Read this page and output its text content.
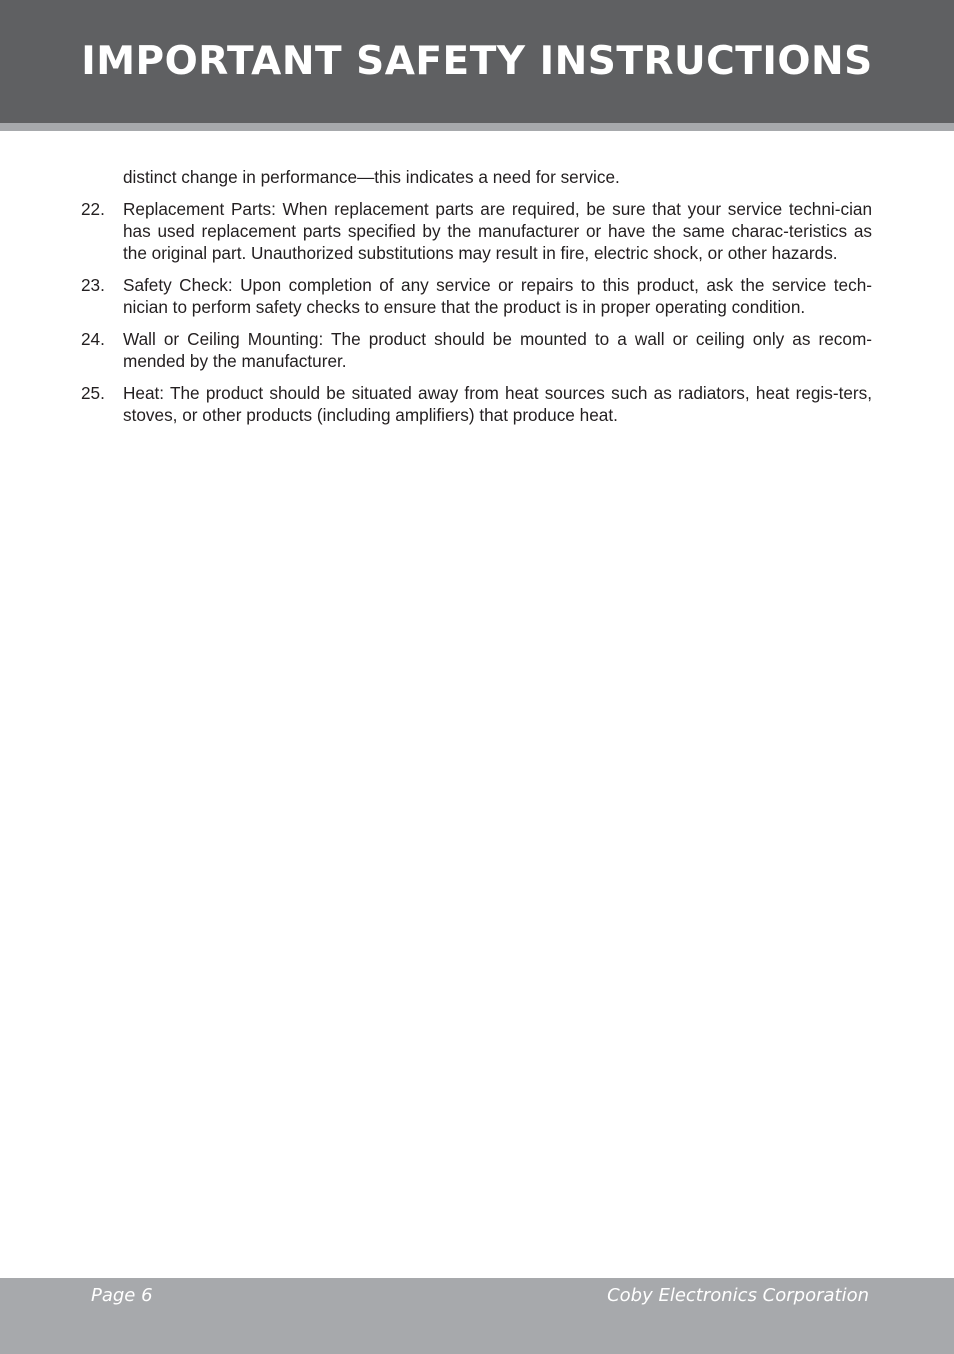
IMPORTANT SAFETY INSTRUCTIONS
distinct change in performance—this indicates a need for service.
22. Replacement Parts: When replacement parts are required, be sure that your service techni-cian has used replacement parts specified by the manufacturer or have the same charac-teristics as the original part. Unauthorized substitutions may result in fire, electric shock, or other hazards.
23. Safety Check: Upon completion of any service or repairs to this product, ask the service tech-nician to perform safety checks to ensure that the product is in proper operating condition.
24. Wall or Ceiling Mounting: The product should be mounted to a wall or ceiling only as recom-mended by the manufacturer.
25. Heat: The product should be situated away from heat sources such as radiators, heat regis-ters, stoves, or other products (including amplifiers) that produce heat.
Page 6	Coby Electronics Corporation
